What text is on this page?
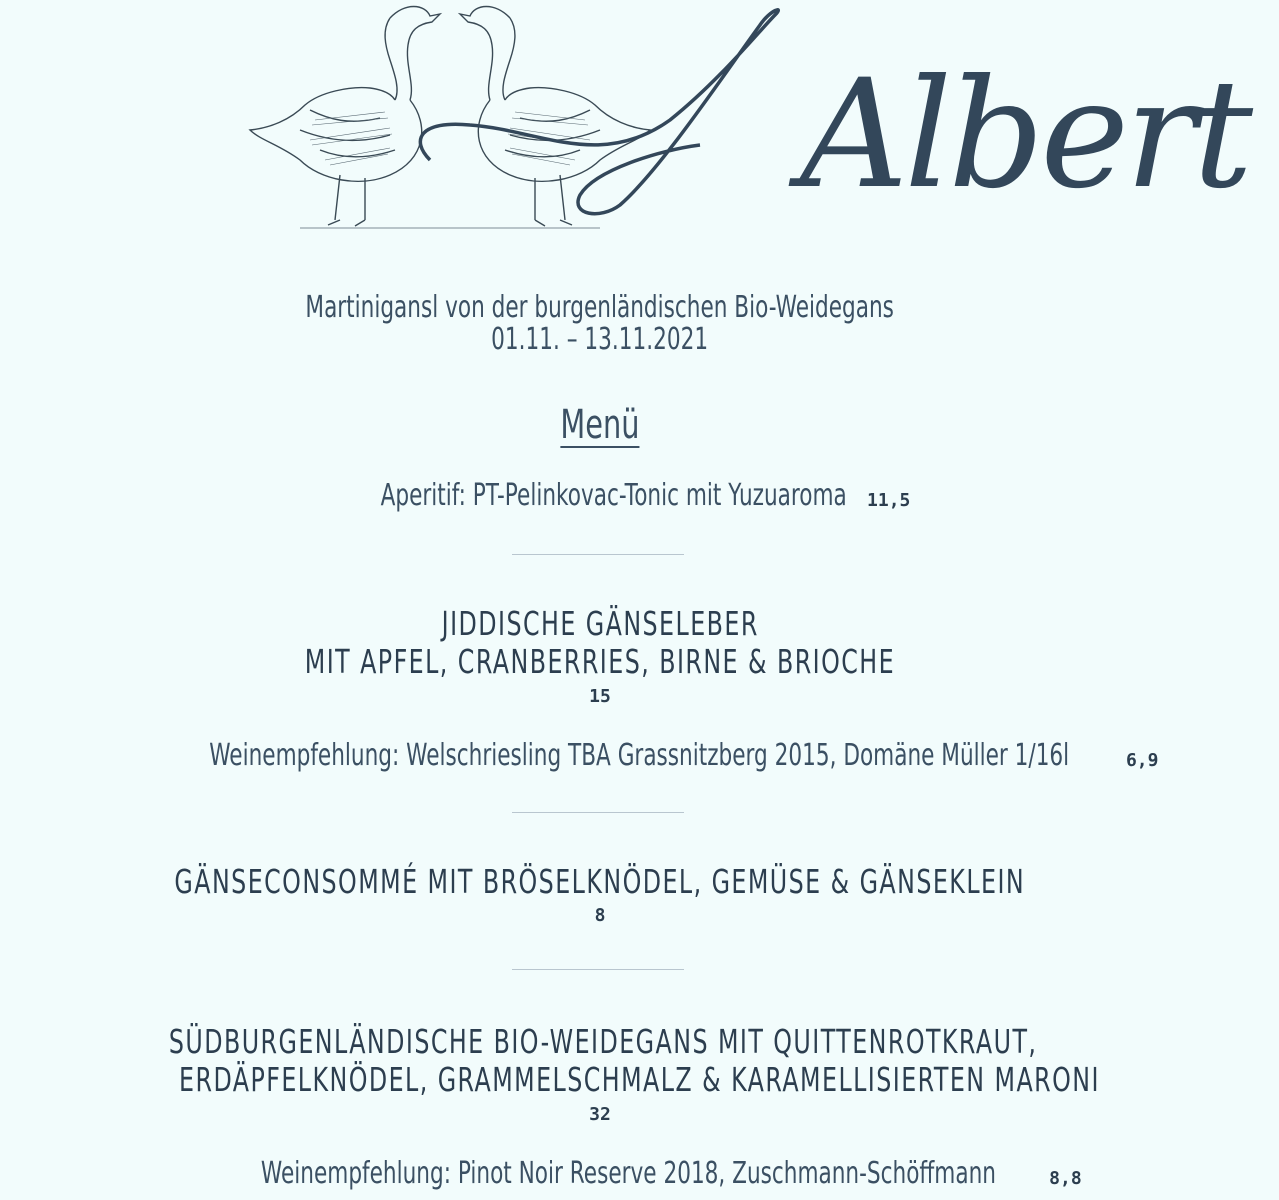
Albert
Martinigansl von der burgenländischen Bio-Weidegans
01.11. – 13.11.2021
Menü
Aperitif: PT-Pelinkovac-Tonic mit Yuzuaroma 11,5
JIDDISCHE GÄNSELEBER
MIT APFEL, CRANBERRIES, BIRNE & BRIOCHE
15
Weinempfehlung: Welschriesling TBA Grassnitzberg 2015, Domäne Müller 1/16l	6,9
GÄNSECONSOMMÉ MIT BRÖSELKNÖDEL, GEMÜSE & GÄNSEKLEIN
8
SÜDBURGENLÄNDISCHE BIO-WEIDEGANS MIT QUITTENROTKRAUT,
ERDÄPFELKNÖDEL, GRAMMELSCHMALZ & KARAMELLISIERTEN MARONI
32
Weinempfehlung: Pinot Noir Reserve 2018, Zuschmann-Schöffmann	8,8
